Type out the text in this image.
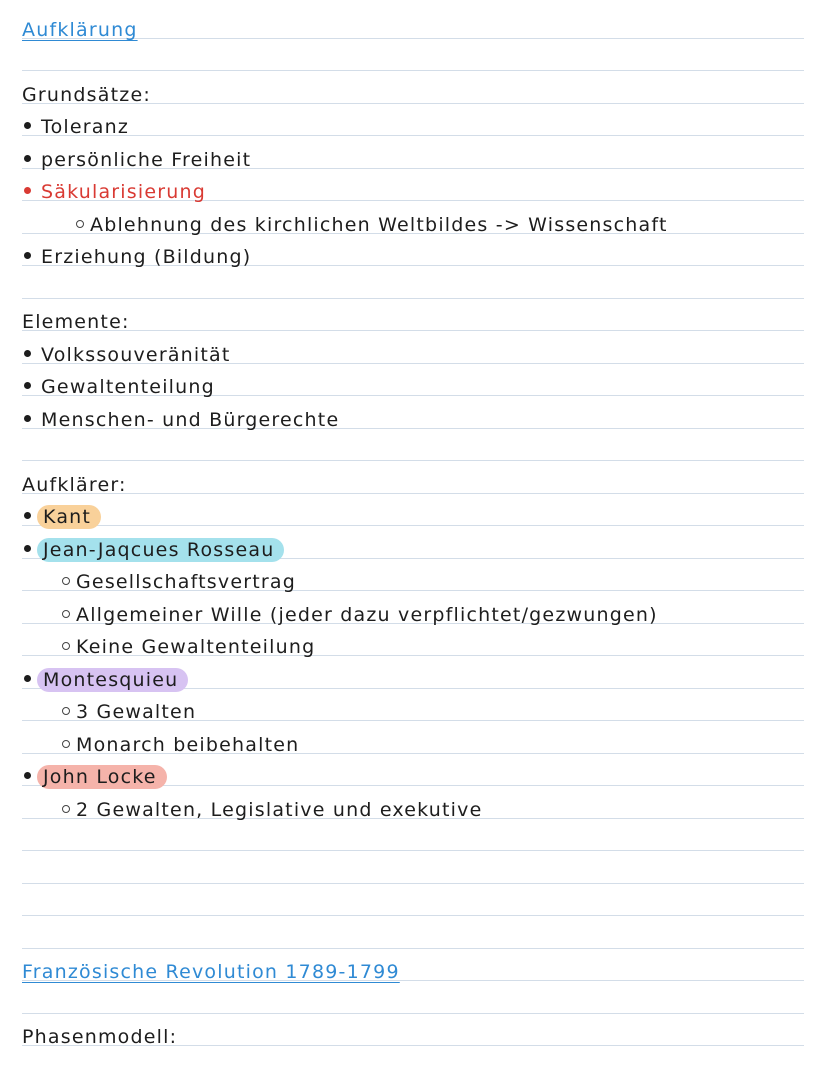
Aufklärung
Grundsätze:
Toleranz
persönliche Freiheit
Säkularisierung
Ablehnung des kirchlichen Weltbildes -> Wissenschaft
Erziehung (Bildung)
Elemente:
Volkssouveränität
Gewaltenteilung
Menschen- und Bürgerechte
Aufklärer:
Kant
Jean-Jaqcues Rosseau
Gesellschaftsvertrag
Allgemeiner Wille (jeder dazu verpflichtet/gezwungen)
Keine Gewaltenteilung
Montesquieu
3 Gewalten
Monarch beibehalten
John Locke
2 Gewalten, Legislative und exekutive
Französische Revolution 1789-1799
Phasenmodell:
